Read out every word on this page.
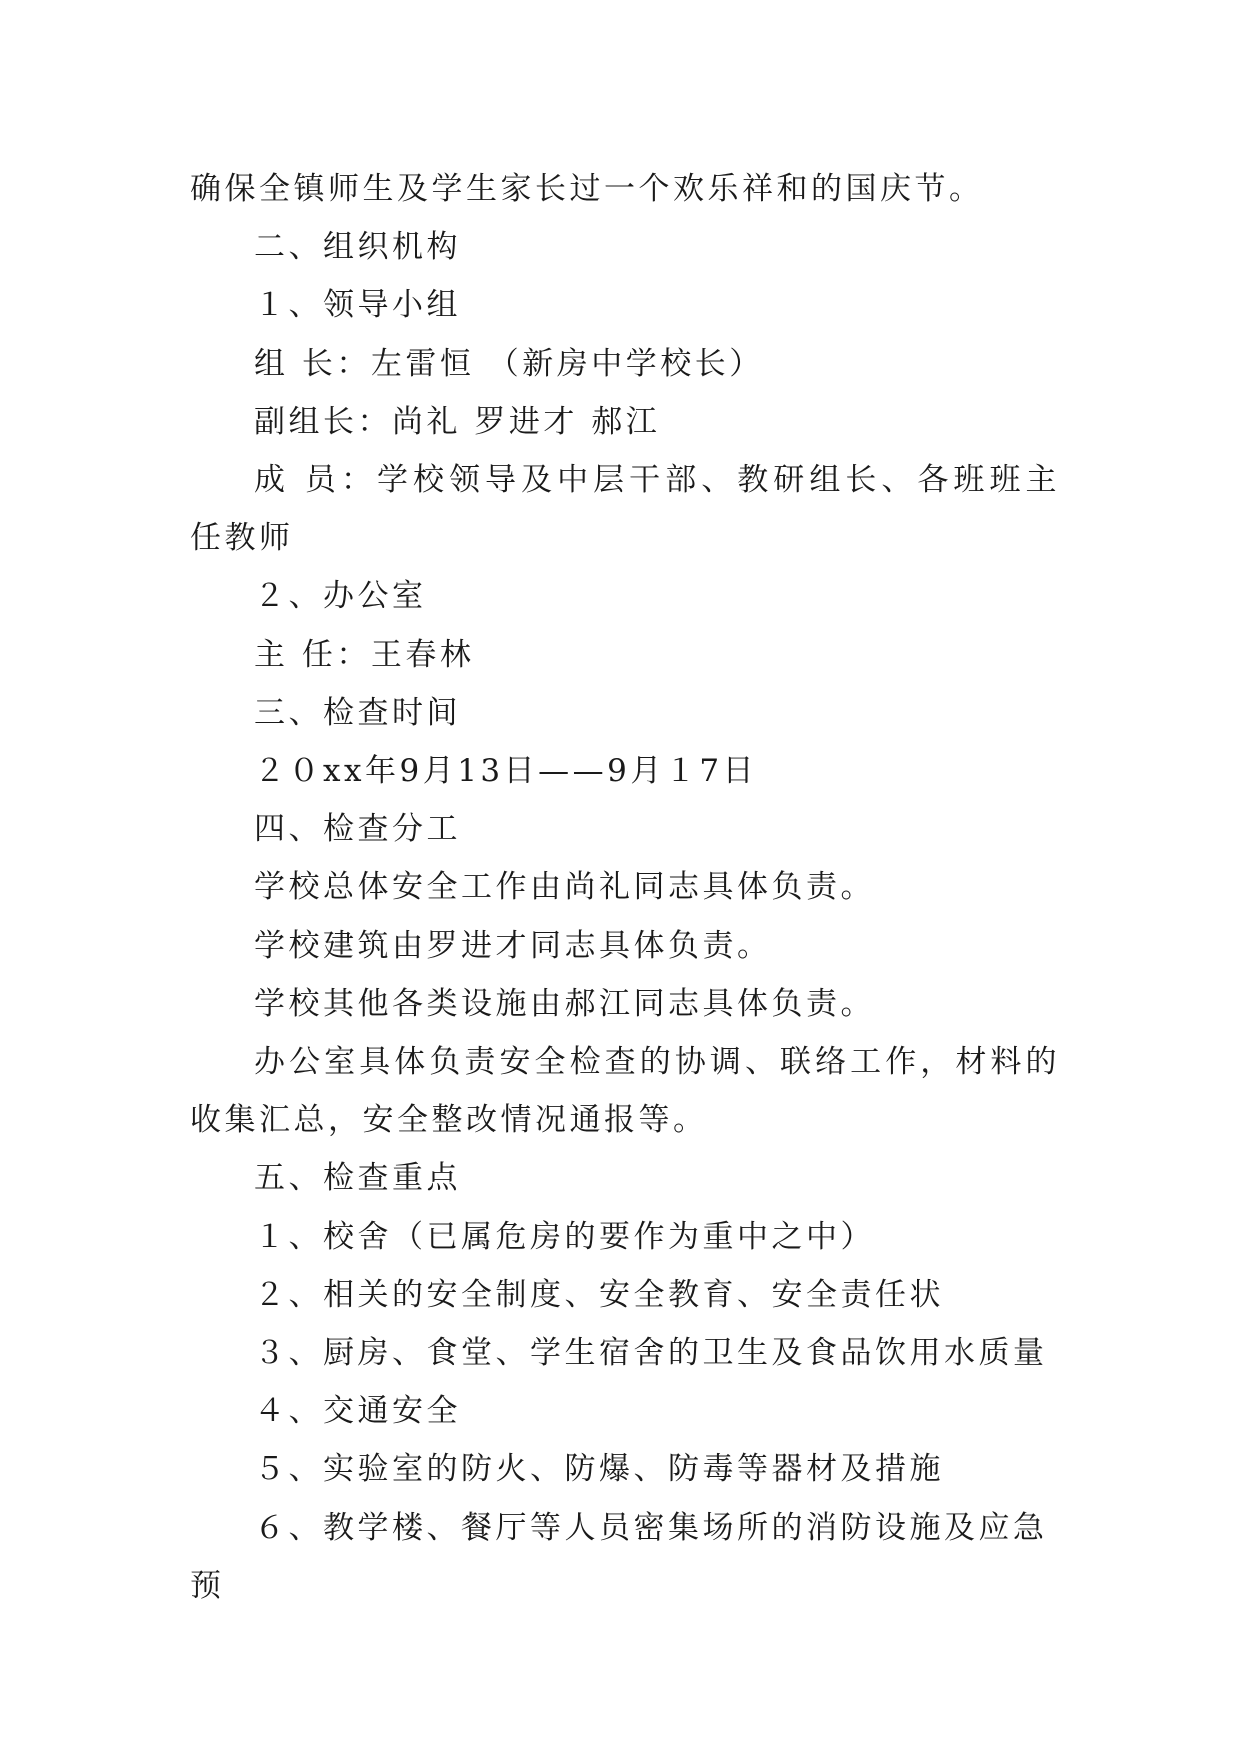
确保全镇师生及学生家长过一个欢乐祥和的国庆节。

二、组织机构

１、领导小组

组 长：左雷恒 （新房中学校长）

副组长：尚礼 罗进才 郝江

成 员：学校领导及中层干部、教研组长、各班班主任教师

２、办公室

主 任：王春林

三、检查时间

２０xx年9月13日——9月１7日

四、检查分工

学校总体安全工作由尚礼同志具体负责。

学校建筑由罗进才同志具体负责。

学校其他各类设施由郝江同志具体负责。

办公室具体负责安全检查的协调、联络工作，材料的收集汇总，安全整改情况通报等。

五、检查重点

１、校舍（已属危房的要作为重中之中）

２、相关的安全制度、安全教育、安全责任状

３、厨房、食堂、学生宿舍的卫生及食品饮用水质量

４、交通安全

５、实验室的防火、防爆、防毒等器材及措施

６、教学楼、餐厅等人员密集场所的消防设施及应急预
